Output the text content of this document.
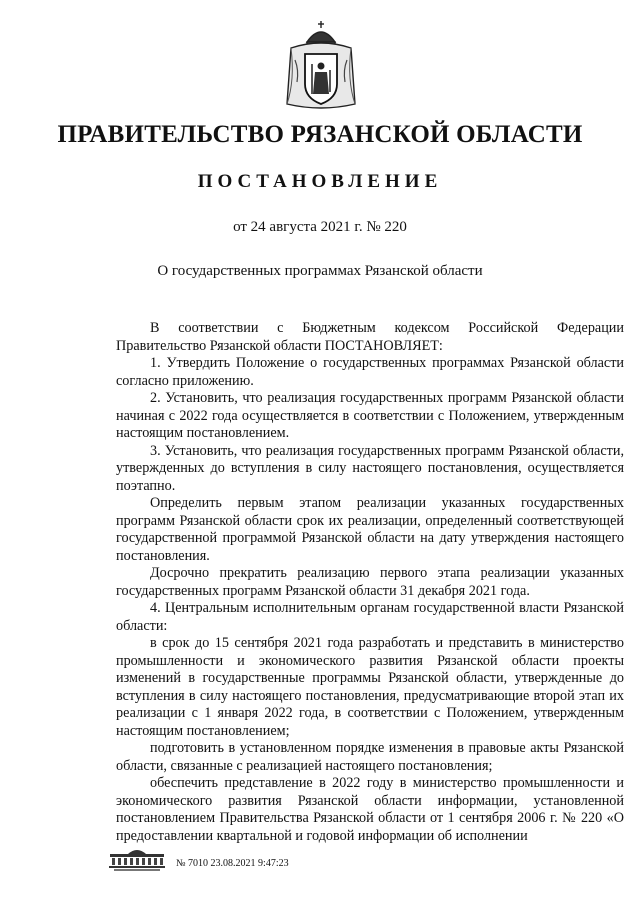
ПРАВИТЕЛЬСТВО РЯЗАНСКОЙ ОБЛАСТИ
ПОСТАНОВЛЕНИЕ
от 24 августа 2021 г. № 220
О государственных программах Рязанской области

В соответствии с Бюджетным кодексом Российской Федерации Правительство Рязанской области ПОСТАНОВЛЯЕТ:

1. Утвердить Положение о государственных программах Рязанской области согласно приложению.

2. Установить, что реализация государственных программ Рязанской области начиная с 2022 года осуществляется в соответствии с Положением, утвержденным настоящим постановлением.

3. Установить, что реализация государственных программ Рязанской области, утвержденных до вступления в силу настоящего постановления, осуществляется поэтапно.

Определить первым этапом реализации указанных государственных программ Рязанской области срок их реализации, определенный соответствующей государственной программой Рязанской области на дату утверждения настоящего постановления.

Досрочно прекратить реализацию первого этапа реализации указанных государственных программ Рязанской области 31 декабря 2021 года.

4. Центральным исполнительным органам государственной власти Рязанской области:

в срок до 15 сентября 2021 года разработать и представить в министерство промышленности и экономического развития Рязанской области проекты изменений в государственные программы Рязанской области, утвержденные до вступления в силу настоящего постановления, предусматривающие второй этап их реализации с 1 января 2022 года, в соответствии с Положением, утвержденным настоящим постановлением;

подготовить в установленном порядке изменения в правовые акты Рязанской области, связанные с реализацией настоящего постановления;

обеспечить представление в 2022 году в министерство промышленности и экономического развития Рязанской области информации, установленной постановлением Правительства Рязанской области от 1 сентября 2006 г. № 220 «О предоставлении квартальной и годовой информации об исполнении

№ 7010 23.08.2021 9:47:23
